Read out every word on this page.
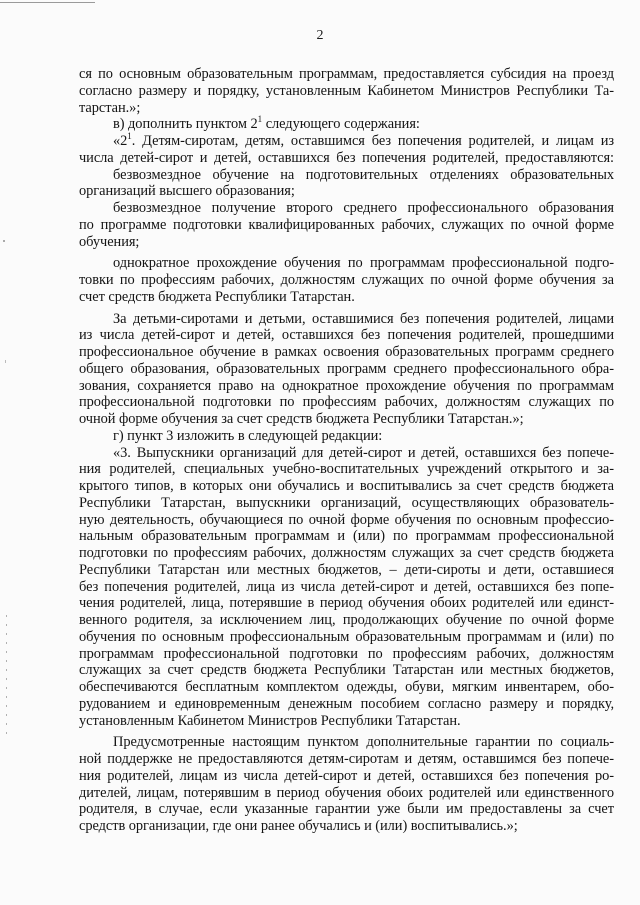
2
ся по основным образовательным программам, предоставляется субсидия на проезд
согласно размеру и порядку, установленным Кабинетом Министров Республики Та-
тарстан.»;
в) дополнить пунктом $2^1$ следующего содержания:
«$2^1$. Детям-сиротам, детям, оставшимся без попечения родителей, и лицам из
числа детей-сирот и детей, оставшихся без попечения родителей, предоставляются:
безвозмездное обучение на подготовительных отделениях образовательных
организаций высшего образования;
безвозмездное получение второго среднего профессионального образования
по программе подготовки квалифицированных рабочих, служащих по очной форме
обучения;
однократное прохождение обучения по программам профессиональной подго-
товки по профессиям рабочих, должностям служащих по очной форме обучения за
счет средств бюджета Республики Татарстан.
За детьми-сиротами и детьми, оставшимися без попечения родителей, лицами
из числа детей-сирот и детей, оставшихся без попечения родителей, прошедшими
профессиональное обучение в рамках освоения образовательных программ среднего
общего образования, образовательных программ среднего профессионального обра-
зования, сохраняется право на однократное прохождение обучения по программам
профессиональной подготовки по профессиям рабочих, должностям служащих по
очной форме обучения за счет средств бюджета Республики Татарстан.»;
г) пункт 3 изложить в следующей редакции:
«3. Выпускники организаций для детей-сирот и детей, оставшихся без попече-
ния родителей, специальных учебно-воспитательных учреждений открытого и за-
крытого типов, в которых они обучались и воспитывались за счет средств бюджета
Республики Татарстан, выпускники организаций, осуществляющих образователь-
ную деятельность, обучающиеся по очной форме обучения по основным профессио-
нальным образовательным программам и (или) по программам профессиональной
подготовки по профессиям рабочих, должностям служащих за счет средств бюджета
Республики Татарстан или местных бюджетов, – дети-сироты и дети, оставшиеся
без попечения родителей, лица из числа детей-сирот и детей, оставшихся без попе-
чения родителей, лица, потерявшие в период обучения обоих родителей или единст-
венного родителя, за исключением лиц, продолжающих обучение по очной форме
обучения по основным профессиональным образовательным программам и (или) по
программам профессиональной подготовки по профессиям рабочих, должностям
служащих за счет средств бюджета Республики Татарстан или местных бюджетов,
обеспечиваются бесплатным комплектом одежды, обуви, мягким инвентарем, обо-
рудованием и единовременным денежным пособием согласно размеру и порядку,
установленным Кабинетом Министров Республики Татарстан.
Предусмотренные настоящим пунктом дополнительные гарантии по социаль-
ной поддержке не предоставляются детям-сиротам и детям, оставшимся без попече-
ния родителей, лицам из числа детей-сирот и детей, оставшихся без попечения ро-
дителей, лицам, потерявшим в период обучения обоих родителей или единственного
родителя, в случае, если указанные гарантии уже были им предоставлены за счет
средств организации, где они ранее обучались и (или) воспитывались.»;
